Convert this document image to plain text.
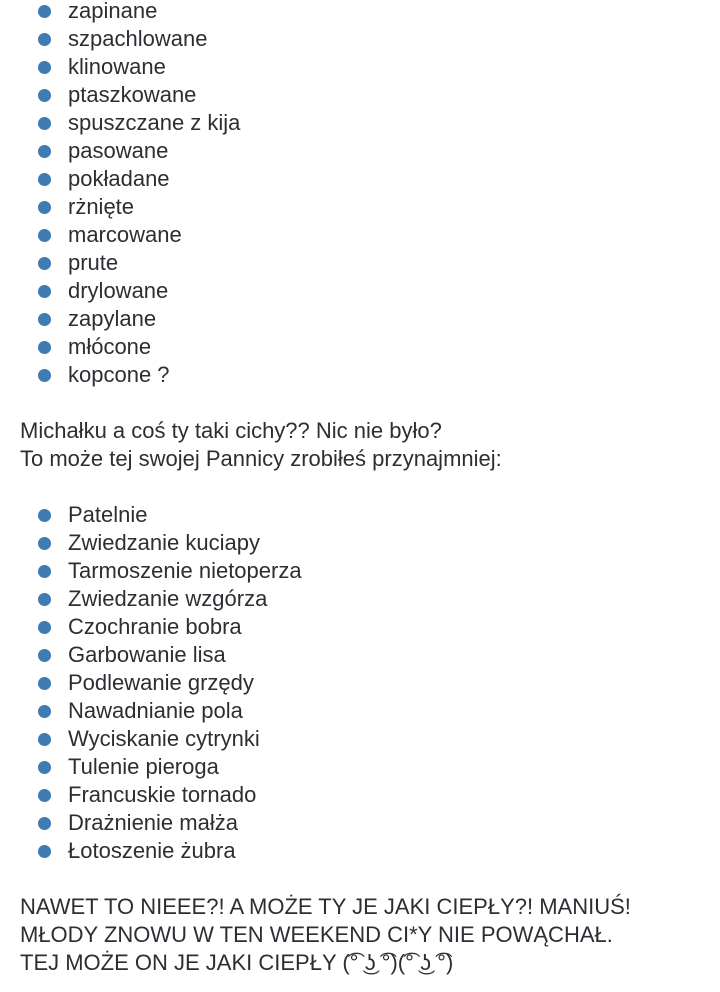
zapinane
szpachlowane
klinowane
ptaszkowane
spuszczane z kija
pasowane
pokładane
rżnięte
marcowane
prute
drylowane
zapylane
młócone
kopcone ?
Michałku a coś ty taki cichy?? Nic nie było?
To może tej swojej Pannicy zrobiłeś przynajmniej:
Patelnie
Zwiedzanie kuciapy
Tarmoszenie nietoperza
Zwiedzanie wzgórza
Czochranie bobra
Garbowanie lisa
Podlewanie grzędy
Nawadnianie pola
Wyciskanie cytrynki
Tulenie pieroga
Francuskie tornado
Drażnienie małża
Łotoszenie żubra
NAWET TO NIEEE?! A MOŻE TY JE JAKI CIEPŁY?! MANIUŚ!
MŁODY ZNOWU W TEN WEEKEND CI*Y NIE POWĄCHAŁ.
TEJ MOŻE ON JE JAKI CIEPŁY (͡° ͜ʖ ͡°)(͡° ͜ʖ ͡°)
